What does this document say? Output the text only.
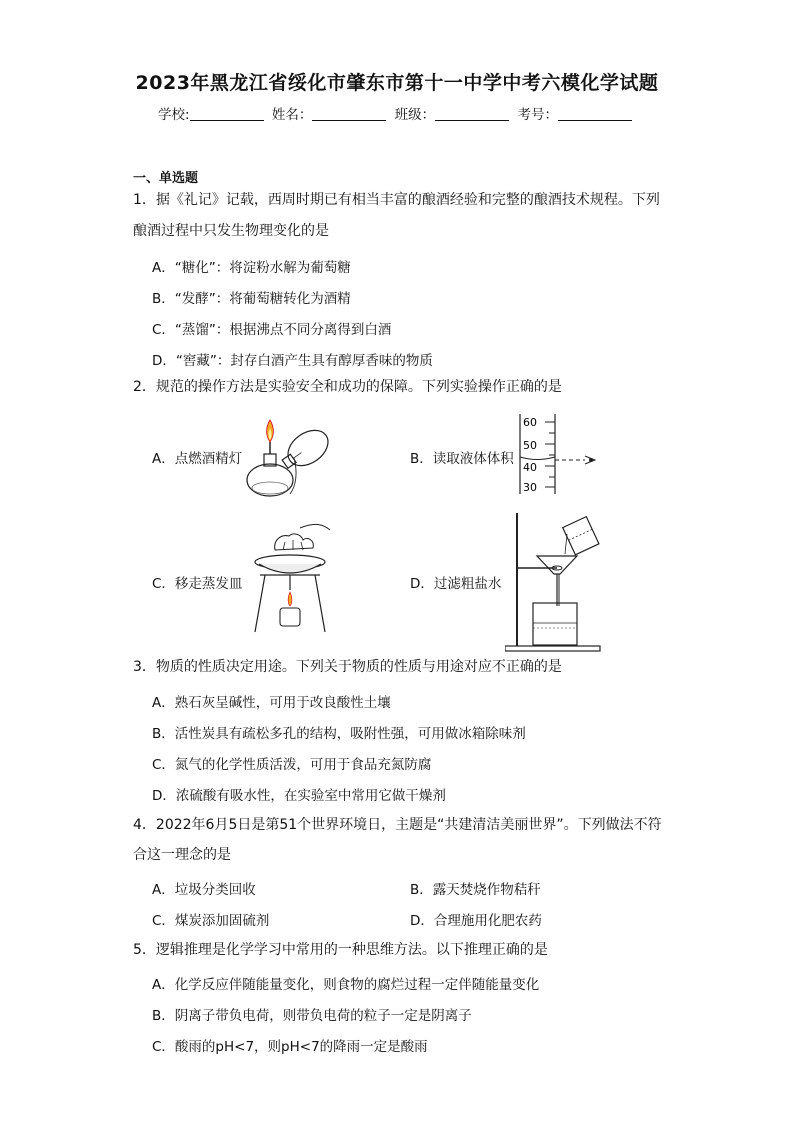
2023年黑龙江省绥化市肇东市第十一中学中考六模化学试题
学校:	姓名：	班级：	考号：
一、单选题
1．据《礼记》记载，西周时期已有相当丰富的酿酒经验和完整的酿酒技术规程。下列
酿酒过程中只发生物理变化的是
A．“糖化”：将淀粉水解为葡萄糖
B．“发酵”：将葡萄糖转化为酒精
C．“蒸馏”：根据沸点不同分离得到白酒
D．“窖藏”：封存白酒产生具有醇厚香味的物质
2．规范的操作方法是实验安全和成功的保障。下列实验操作正确的是
A．点燃酒精灯	B．读取液体体积
C．移走蒸发皿	D．过滤粗盐水
60
50
40
30
3．物质的性质决定用途。下列关于物质的性质与用途对应不正确的是
A．熟石灰呈碱性，可用于改良酸性土壤
B．活性炭具有疏松多孔的结构，吸附性强，可用做冰箱除味剂
C．氮气的化学性质活泼，可用于食品充氮防腐
D．浓硫酸有吸水性，在实验室中常用它做干燥剂
4．2022年6月5日是第51个世界环境日，主题是“共建清洁美丽世界”。下列做法不符
合这一理念的是
A．垃圾分类回收	B．露天焚烧作物秸秆
C．煤炭添加固硫剂	D．合理施用化肥农药
5．逻辑推理是化学学习中常用的一种思维方法。以下推理正确的是
A．化学反应伴随能量变化，则食物的腐烂过程一定伴随能量变化
B．阴离子带负电荷，则带负电荷的粒子一定是阴离子
C．酸雨的pH<7，则pH<7的降雨一定是酸雨
